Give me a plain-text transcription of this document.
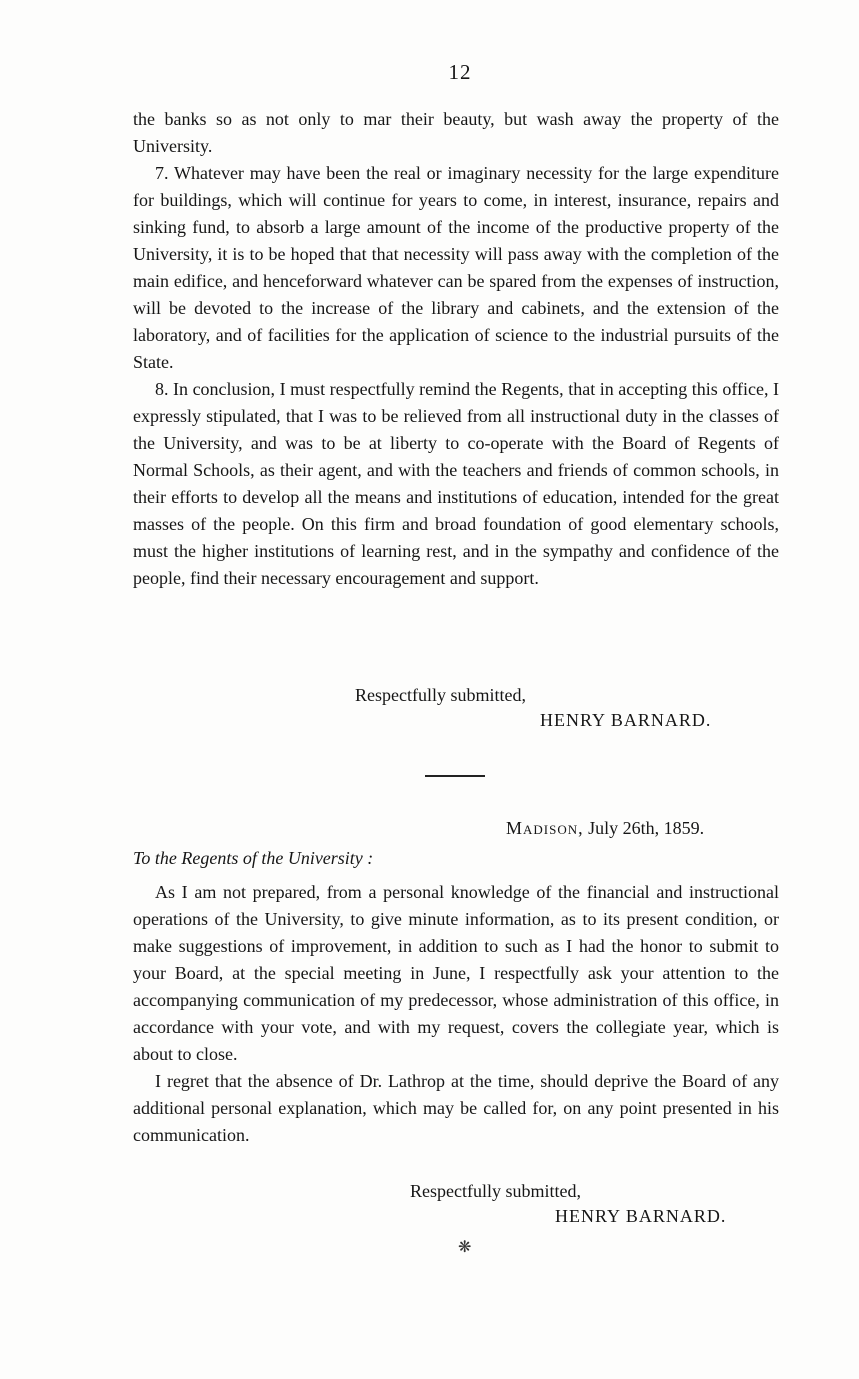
12

the banks so as not only to mar their beauty, but wash away the property of the University.

7. Whatever may have been the real or imaginary necessity for the large expenditure for buildings, which will continue for years to come, in interest, insurance, repairs and sinking fund, to absorb a large amount of the income of the productive property of the University, it is to be hoped that that necessity will pass away with the completion of the main edifice, and henceforward whatever can be spared from the expenses of instruction, will be devoted to the increase of the library and cabinets, and the extension of the laboratory, and of facilities for the application of science to the industrial pursuits of the State.

8. In conclusion, I must respectfully remind the Regents, that in accepting this office, I expressly stipulated, that I was to be relieved from all instructional duty in the classes of the University, and was to be at liberty to co-operate with the Board of Regents of Normal Schools, as their agent, and with the teachers and friends of common schools, in their efforts to develop all the means and institutions of education, intended for the great masses of the people. On this firm and broad foundation of good elementary schools, must the higher institutions of learning rest, and in the sympathy and confidence of the people, find their necessary encouragement and support.

Respectfully submitted,
HENRY BARNARD.
Madison, July 26th, 1859.
To the Regents of the University :

As I am not prepared, from a personal knowledge of the financial and instructional operations of the University, to give minute information, as to its present condition, or make suggestions of improvement, in addition to such as I had the honor to submit to your Board, at the special meeting in June, I respectfully ask your attention to the accompanying communication of my predecessor, whose administration of this office, in accordance with your vote, and with my request, covers the collegiate year, which is about to close.

I regret that the absence of Dr. Lathrop at the time, should deprive the Board of any additional personal explanation, which may be called for, on any point presented in his communication.

Respectfully submitted,
HENRY BARNARD.
❋
